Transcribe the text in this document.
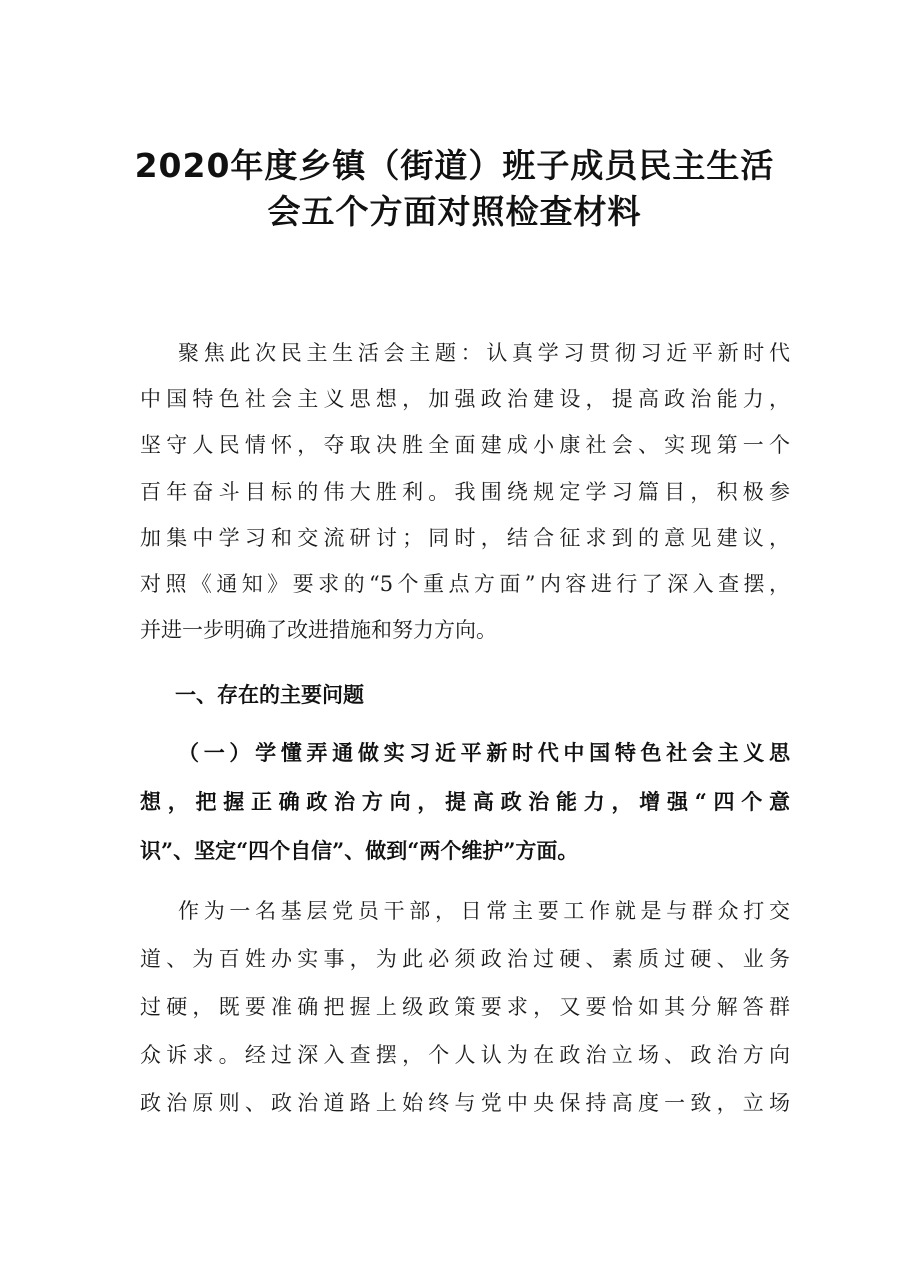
2020年度乡镇（街道）班子成员民主生活
会五个方面对照检查材料

聚焦此次民主生活会主题：认真学习贯彻习近平新时代

中国特色社会主义思想，加强政治建设，提高政治能力，

坚守人民情怀，夺取决胜全面建成小康社会、实现第一个

百年奋斗目标的伟大胜利。我围绕规定学习篇目，积极参

加集中学习和交流研讨；同时，结合征求到的意见建议，

对照《通知》要求的“5个重点方面”内容进行了深入查摆，

并进一步明确了改进措施和努力方向。

一、存在的主要问题

（一）学懂弄通做实习近平新时代中国特色社会主义思

想，把握正确政治方向，提高政治能力，增强“四个意

识”、坚定“四个自信”、做到“两个维护”方面。

作为一名基层党员干部，日常主要工作就是与群众打交

道、为百姓办实事，为此必须政治过硬、素质过硬、业务

过硬，既要准确把握上级政策要求，又要恰如其分解答群

众诉求。经过深入查摆，个人认为在政治立场、政治方向

政治原则、政治道路上始终与党中央保持高度一致，立场
